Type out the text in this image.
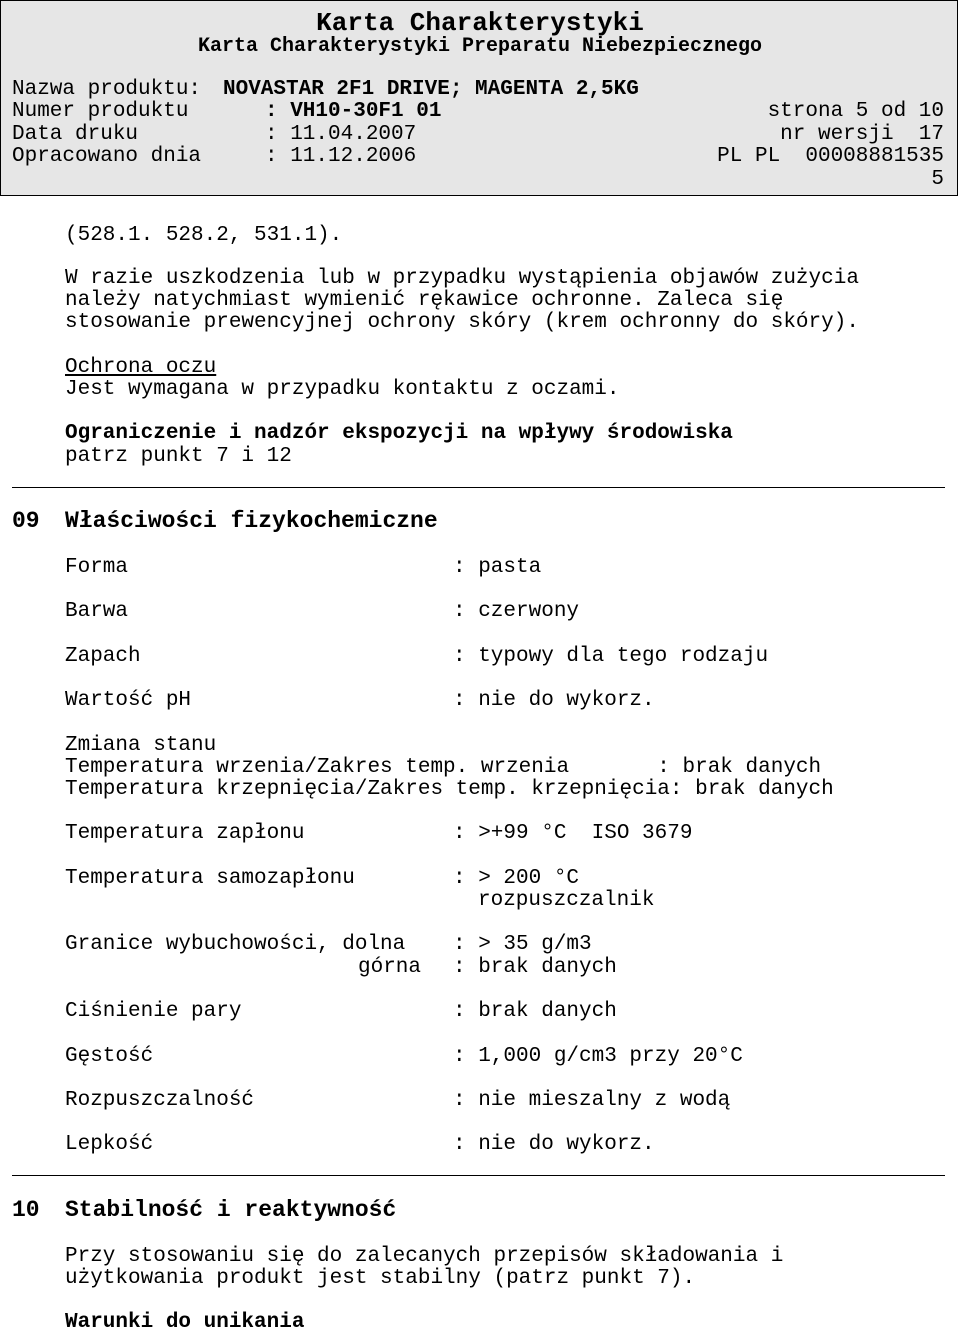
Karta Charakterystyki
Karta Charakterystyki Preparatu Niebezpiecznego
Nazwa produktu: NOVASTAR 2F1 DRIVE; MAGENTA 2,5KG
Numer produktu	: VH10-30F1 01	strona 5 od 10
Data druku	: 11.04.2007	nr wersji  17
Opracowano dnia	: 11.12.2006	PL PL  00008881535
5
(528.1. 528.2, 531.1).
W razie uszkodzenia lub w przypadku wystąpienia objawów zużycia
należy natychmiast wymienić rękawice ochronne. Zaleca się
stosowanie prewencyjnej ochrony skóry (krem ochronny do skóry).
Ochrona oczu
Jest wymagana w przypadku kontaktu z oczami.
Ograniczenie i nadzór ekspozycji na wpływy środowiska
patrz punkt 7 i 12
09 Właściwości fizykochemiczne
Forma	: pasta
Barwa	: czerwony
Zapach	: typowy dla tego rodzaju
Wartość pH	: nie do wykorz.
Zmiana stanu
Temperatura wrzenia/Zakres temp. wrzenia       : brak danych
Temperatura krzepnięcia/Zakres temp. krzepnięcia: brak danych
Temperatura zapłonu	: >+99 °C  ISO 3679
Temperatura samozapłonu	: > 200 °C
rozpuszczalnik
Granice wybuchowości, dolna : > 35 g/m3
górna : brak danych
Ciśnienie pary	: brak danych
Gęstość	: 1,000 g/cm3 przy 20°C
Rozpuszczalność	: nie mieszalny z wodą
Lepkość	: nie do wykorz.
10 Stabilność i reaktywność
Przy stosowaniu się do zalecanych przepisów składowania i
użytkowania produkt jest stabilny (patrz punkt 7).
Warunki do unikania
